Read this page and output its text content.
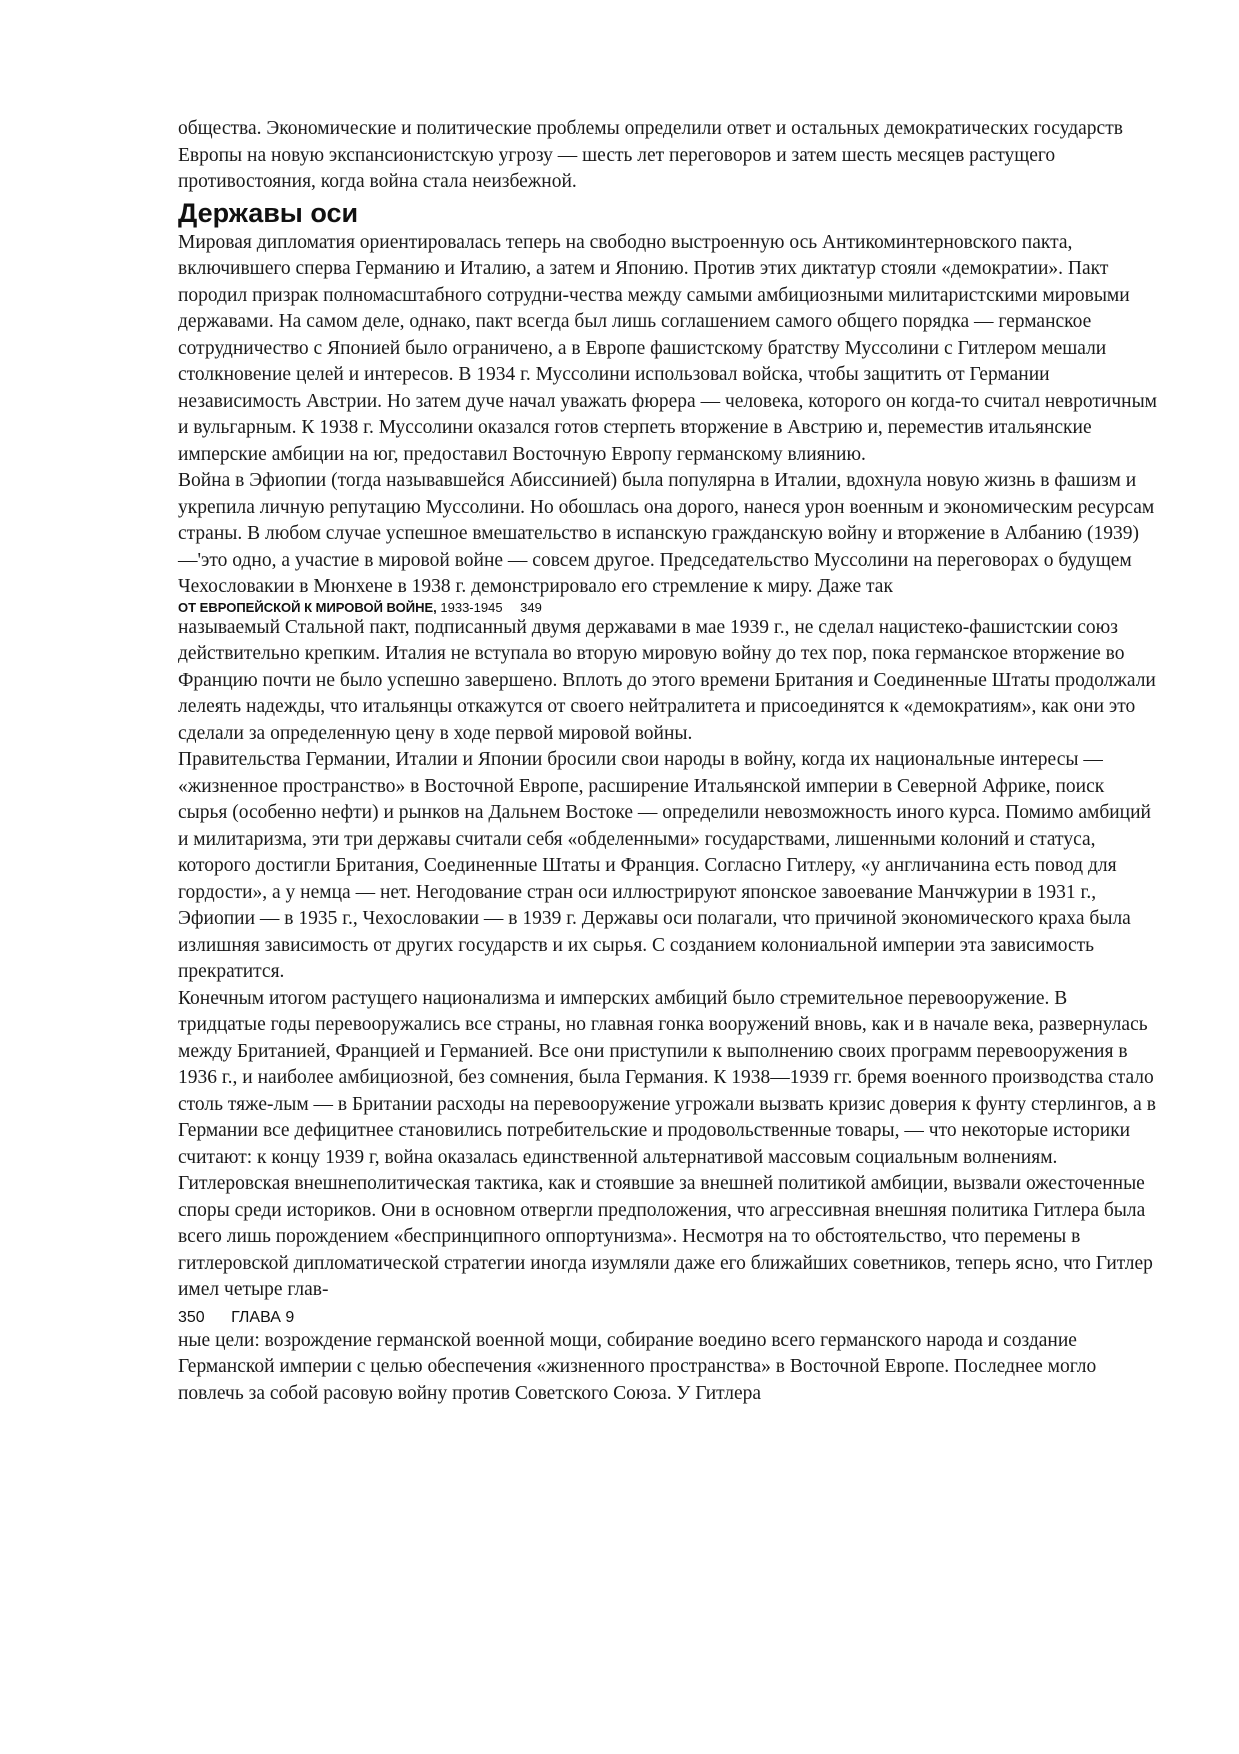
общества. Экономические и политические проблемы определили ответ и остальных демократических государств Европы на новую экспансионистскую угрозу — шесть лет переговоров и затем шесть месяцев растущего противостояния, когда война стала неизбежной.

Державы оси

Мировая дипломатия ориентировалась теперь на свободно выстроенную ось Антикоминтерновского пакта, включившего сперва Германию и Италию, а затем и Японию. Против этих диктатур стояли «демократии». Пакт породил призрак полномасштабного сотрудни-чества между самыми амбициозными милитаристскими мировыми державами. На самом деле, однако, пакт всегда был лишь соглашением самого общего порядка — германское сотрудничество с Японией было ограничено, а в Европе фашистскому братству Муссолини с Гитлером мешали столкновение целей и интересов. В 1934 г. Муссолини использовал войска, чтобы защитить от Германии независимость Австрии. Но затем дуче начал уважать фюрера — человека, которого он когда-то считал невротичным и вульгарным. К 1938 г. Муссолини оказался готов стерпеть вторжение в Австрию и, переместив итальянские имперские амбиции на юг, предоставил Восточную Европу германскому влиянию.

Война в Эфиопии (тогда называвшейся Абиссинией) была популярна в Италии, вдохнула новую жизнь в фашизм и укрепила личную репутацию Муссолини. Но обошлась она дорого, нанеся урон военным и экономическим ресурсам страны. В любом случае успешное вмешательство в испанскую гражданскую войну и вторжение в Албанию (1939) —'это одно, а участие в мировой войне — совсем другое. Председательство Муссолини на переговорах о будущем Чехословакии в Мюнхене в 1938 г. демонстрировало его стремление к миру. Даже так

ОТ ЕВРОПЕЙСКОЙ К МИРОВОЙ ВОЙНЕ, 1933-1945 349

называемый Стальной пакт, подписанный двумя державами в мае 1939 г., не сделал нацистеко-фашистскии союз действительно крепким. Италия не вступала во вторую мировую войну до тех пор, пока германское вторжение во Францию почти не было успешно завершено. Вплоть до этого времени Британия и Соединенные Штаты продолжали лелеять надежды, что итальянцы откажутся от своего нейтралитета и присоединятся к «демократиям», как они это сделали за определенную цену в ходе первой мировой войны.

Правительства Германии, Италии и Японии бросили свои народы в войну, когда их национальные интересы — «жизненное пространство» в Восточной Европе, расширение Итальянской империи в Северной Африке, поиск сырья (особенно нефти) и рынков на Дальнем Востоке — определили невозможность иного курса. Помимо амбиций и милитаризма, эти три державы считали себя «обделенными» государствами, лишенными колоний и статуса, которого достигли Британия, Соединенные Штаты и Франция. Согласно Гитлеру, «у англичанина есть повод для гордости», а у немца — нет. Негодование стран оси иллюстрируют японское завоевание Манчжурии в 1931 г., Эфиопии — в 1935 г., Чехословакии — в 1939 г. Державы оси полагали, что причиной экономического краха была излишняя зависимость от других государств и их сырья. С созданием колониальной империи эта зависимость прекратится.

Конечным итогом растущего национализма и имперских амбиций было стремительное перевооружение. В тридцатые годы перевооружались все страны, но главная гонка вооружений вновь, как и в начале века, развернулась между Британией, Францией и Германией. Все они приступили к выполнению своих программ перевооружения в 1936 г., и наиболее амбициозной, без сомнения, была Германия. К 1938—1939 гг. бремя военного производства стало столь тяже-лым — в Британии расходы на перевооружение угрожали вызвать кризис доверия к фунту стерлингов, а в Германии все дефицитнее становились потребительские и продовольственные товары, — что некоторые историки считают: к концу 1939 г, война оказалась единственной альтернативой массовым социальным волнениям.

Гитлеровская внешнеполитическая тактика, как и стоявшие за внешней политикой амбиции, вызвали ожесточенные споры среди историков. Они в основном отвергли предположения, что агрессивная внешняя политика Гитлера была всего лишь порождением «беспринципного оппортунизма». Несмотря на то обстоятельство, что перемены в гитлеровской дипломатической стратегии иногда изумляли даже его ближайших советников, теперь ясно, что Гитлер имел четыре глав-

350 ГЛАВА 9

ные цели: возрождение германской военной мощи, собирание воедино всего германского народа и создание Германской империи с целью обеспечения «жизненного пространства» в Восточной Европе. Последнее могло повлечь за собой расовую войну против Советского Союза. У Гитлера
